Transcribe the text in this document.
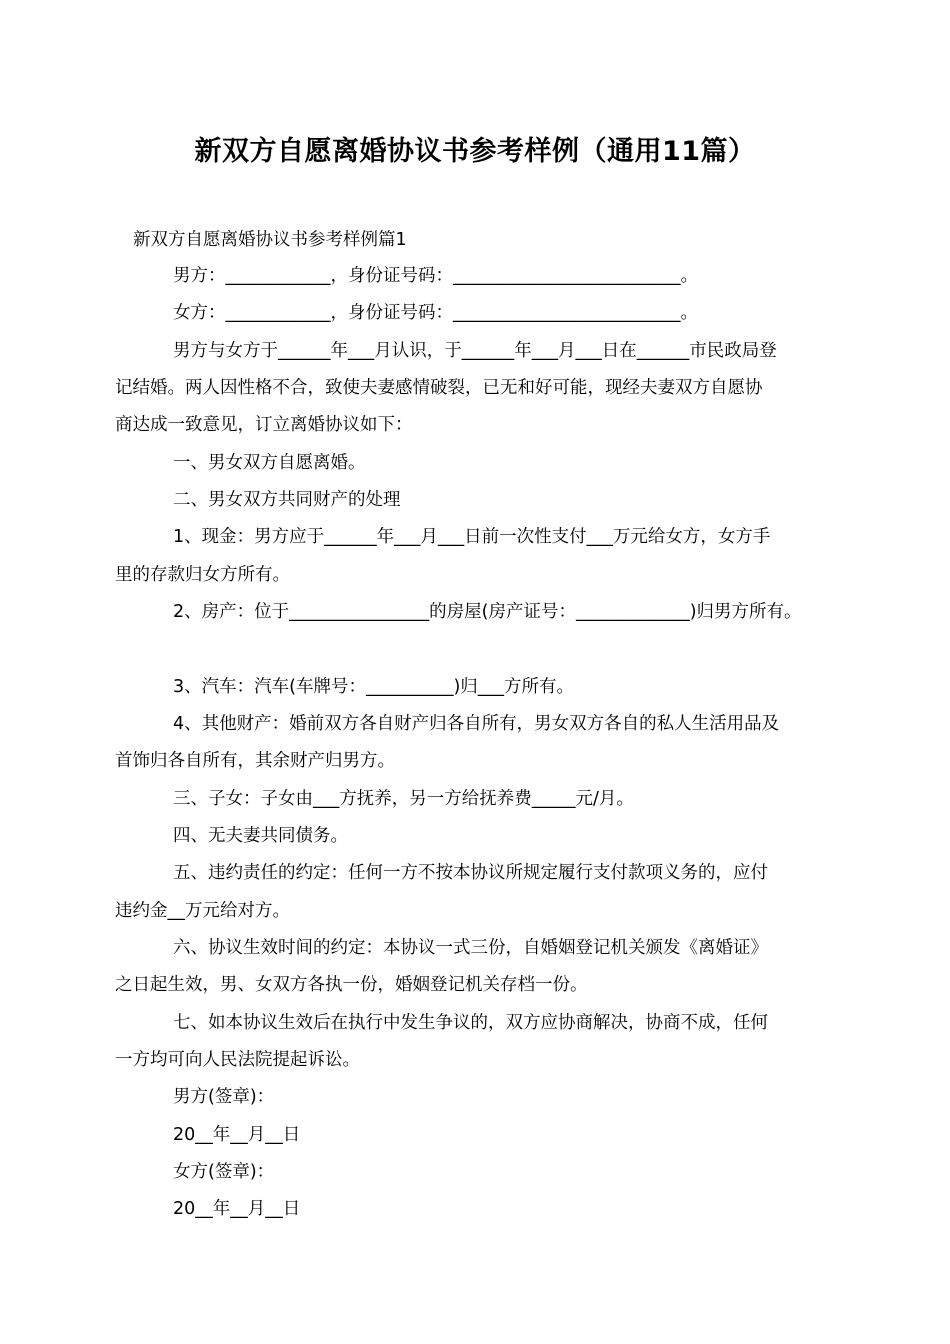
新双方自愿离婚协议书参考样例（通用11篇）
新双方自愿离婚协议书参考样例篇1
男方：____________，身份证号码：__________________________。
女方：____________，身份证号码：__________________________。
男方与女方于______年___月认识，于______年___月___日在______市民政局登
记结婚。两人因性格不合，致使夫妻感情破裂，已无和好可能，现经夫妻双方自愿协
商达成一致意见，订立离婚协议如下：
一、男女双方自愿离婚。
二、男女双方共同财产的处理
1、现金：男方应于______年___月___日前一次性支付___万元给女方，女方手
里的存款归女方所有。
2、房产：位于________________的房屋(房产证号：_____________)归男方所有。
3、汽车：汽车(车牌号：__________)归___方所有。
4、其他财产：婚前双方各自财产归各自所有，男女双方各自的私人生活用品及
首饰归各自所有，其余财产归男方。
三、子女：子女由___方抚养，另一方给抚养费_____元/月。
四、无夫妻共同债务。
五、违约责任的约定：任何一方不按本协议所规定履行支付款项义务的，应付
违约金__万元给对方。
六、协议生效时间的约定：本协议一式三份，自婚姻登记机关颁发《离婚证》
之日起生效，男、女双方各执一份，婚姻登记机关存档一份。
七、如本协议生效后在执行中发生争议的，双方应协商解决，协商不成，任何
一方均可向人民法院提起诉讼。
男方(签章)：
20__年__月__日
女方(签章)：
20__年__月__日
